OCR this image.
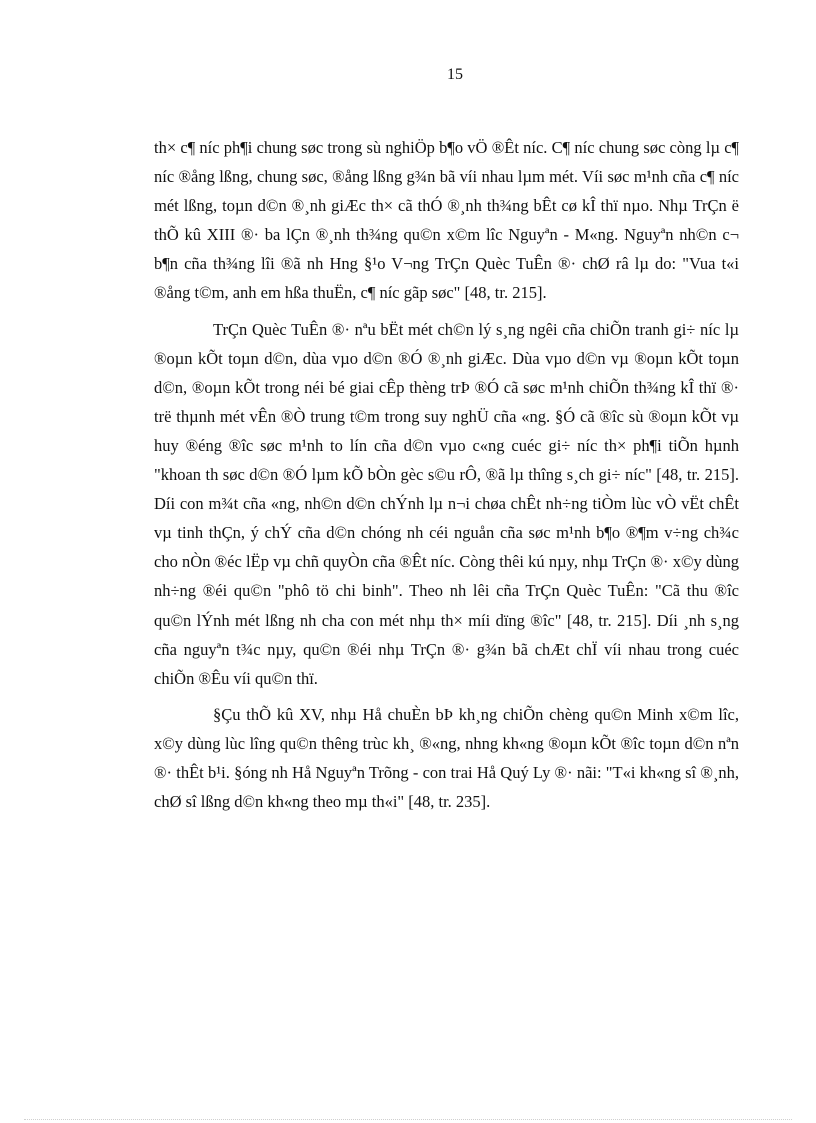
15

th× c¶ níc ph¶i chung søc trong sù nghiÖp b¶o vÖ ®Êt níc. C¶ níc chung søc còng lµ c¶ níc ®ång lßng, chung søc, ®ång lßng g¾n bã víi nhau lµm mét. Víi søc m¹nh cña c¶ níc mét lßng, toµn d©n ®¸nh giÆc th× cã thÓ ®¸nh th¾ng bÊt cø kÎ thï nµo. Nhµ TrÇn ë thÕ kû XIII ®· ba lÇn ®¸nh th¾ng qu©n x©m lîc Nguyªn - M«ng. Nguyªn nh©n c¬ b¶n cña th¾ng lîi ®ã nh Hng §¹o V¬ng TrÇn Quèc TuÊn ®· chØ râ lµ do: "Vua t«i ®ång t©m, anh em hßa thuËn, c¶ níc gãp søc" [48, tr. 215].

TrÇn Quèc TuÊn ®· nªu bËt mét ch©n lý s¸ng ngêi cña chiÕn tranh gi÷ níc lµ ®oµn kÕt toµn d©n, dùa vµo d©n ®Ó ®¸nh giÆc. Dùa vµo d©n vµ ®oµn kÕt toµn d©n, ®oµn kÕt trong néi bé giai cÊp thèng trÞ ®Ó cã søc m¹nh chiÕn th¾ng kÎ thï ®· trë thµnh mét vÊn ®Ò trung t©m trong suy nghÜ cña «ng. §Ó cã ®îc sù ®oµn kÕt vµ huy ®éng ®îc søc m¹nh to lín cña d©n vµo c«ng cuéc gi÷ níc th× ph¶i tiÕn hµnh "khoan th søc d©n ®Ó lµm kÕ bÒn gèc s©u rÔ, ®ã lµ thîng s¸ch gi÷ níc" [48, tr. 215]. Díi con m¾t cña «ng, nh©n d©n chÝnh lµ n¬i chøa chÊt nh÷ng tiÒm lùc vÒ vËt chÊt vµ tinh thÇn, ý chÝ cña d©n chóng nh céi nguån cña søc m¹nh b¶o ®¶m v÷ng ch¾c cho nÒn ®éc lËp vµ chñ quyÒn cña ®Êt níc. Còng thêi kú nµy, nhµ TrÇn ®· x©y dùng nh÷ng ®éi qu©n "phô tö chi binh". Theo nh lêi cña TrÇn Quèc TuÊn: "Cã thu ®îc qu©n lÝnh mét lßng nh cha con mét nhµ th× míi dïng ®îc" [48, tr. 215]. Díi ¸nh s¸ng cña nguyªn t¾c nµy, qu©n ®éi nhµ TrÇn ®· g¾n bã chÆt chÏ víi nhau trong cuéc chiÕn ®Êu víi qu©n thï.

§Çu thÕ kû XV, nhµ Hå chuÈn bÞ kh¸ng chiÕn chèng qu©n Minh x©m lîc, x©y dùng lùc lîng qu©n thêng trùc kh¸ ®«ng, nhng kh«ng ®oµn kÕt ®îc toµn d©n nªn ®· thÊt b¹i. §óng nh Hå Nguyªn Trõng - con trai Hå Quý Ly ®· nãi: "T«i kh«ng sî ®¸nh, chØ sî lßng d©n kh«ng theo mµ th«i" [48, tr. 235].
